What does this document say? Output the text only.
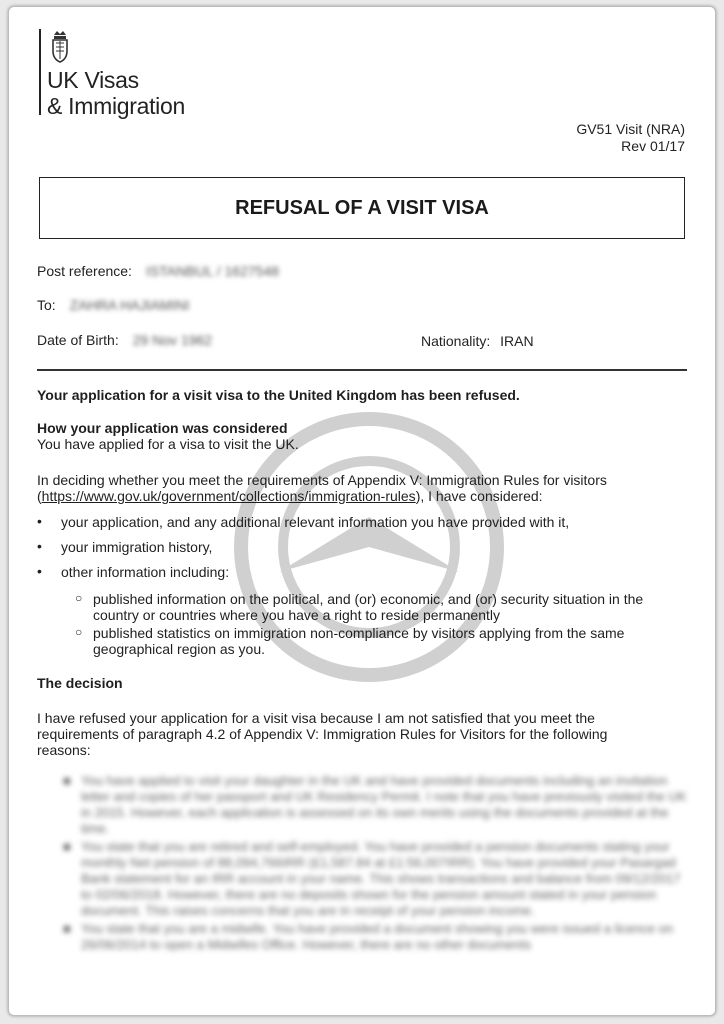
UK Visas
& Immigration
GV51 Visit (NRA)
Rev 01/17
REFUSAL OF A VISIT VISA
Post reference: ISTANBUL / 1627548
To: ZAHRA HAJIAMINI
Date of Birth: 29 Nov 1962	Nationality: IRAN
Your application for a visit visa to the United Kingdom has been refused.
How your application was considered
You have applied for a visa to visit the UK.
In deciding whether you meet the requirements of Appendix V: Immigration Rules for visitors
(https://www.gov.uk/government/collections/immigration-rules), I have considered:
• your application, and any additional relevant information you have provided with it,
• your immigration history,
• other information including:
○ published information on the political, and (or) economic, and (or) security situation in the
country or countries where you have a right to reside permanently
○ published statistics on immigration non-compliance by visitors applying from the same
geographical region as you.
The decision
I have refused your application for a visit visa because I am not satisfied that you meet the
requirements of paragraph 4.2 of Appendix V: Immigration Rules for Visitors for the following
reasons:
■ You have applied to visit your daughter in the UK and have provided documents including an invitation letter and copies of her passport and UK Residency Permit. I note that you have previously visited the UK in 2015. However, each application is assessed on its own merits using the documents provided at the time.
■ You state that you are retired and self-employed. You have provided a pension documents stating your monthly Net pension of 88,094,766IRR (£1,587.84 at £1:56,007IRR). You have provided your Pasargad Bank statement for an IRR account in your name. This shows transactions and balance from 09/12/2017 to 02/06/2018. However, there are no deposits shown for the pension amount stated in your pension document. This raises concerns that you are in receipt of your pension income.
■ You state that you are a midwife. You have provided a document showing you were issued a licence on 26/06/2014 to open a Midwifes Office. However, there are no other documents
